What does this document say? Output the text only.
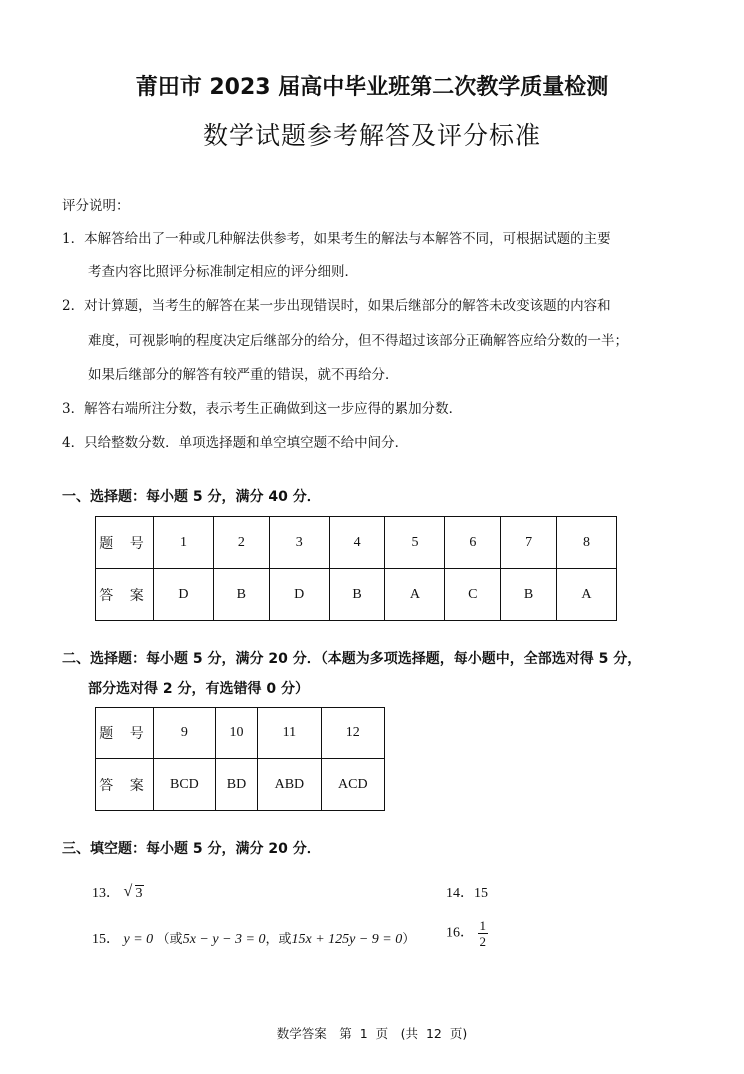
莆田市 2023 届高中毕业班第二次教学质量检测
数学试题参考解答及评分标准
评分说明：
1．本解答给出了一种或几种解法供参考，如果考生的解法与本解答不同，可根据试题的主要
考查内容比照评分标准制定相应的评分细则．
2．对计算题，当考生的解答在某一步出现错误时，如果后继部分的解答未改变该题的内容和
难度，可视影响的程度决定后继部分的给分，但不得超过该部分正确解答应给分数的一半；
如果后继部分的解答有较严重的错误，就不再给分．
3．解答右端所注分数，表示考生正确做到这一步应得的累加分数．
4．只给整数分数．单项选择题和单空填空题不给中间分．
一、选择题：每小题 5 分，满分 40 分．
题 号	1	2	3	4	5	6	7	8
答 案	D	B	D	B	A	C	B	A
二、选择题：每小题 5 分，满分 20 分．（本题为多项选择题，每小题中，全部选对得 5 分，
部分选对得 2 分，有选错得 0 分）
题 号	9	10	11	12
答 案	BCD	BD	ABD	ACD
三、填空题：每小题 5 分，满分 20 分．
13． √ 3	14．15
15． y = 0 （或5x − y − 3 = 0，或15x + 125y − 9 = 0） 16． $\frac{1}{2}$
数学答案　第 1 页　(共 12 页)
